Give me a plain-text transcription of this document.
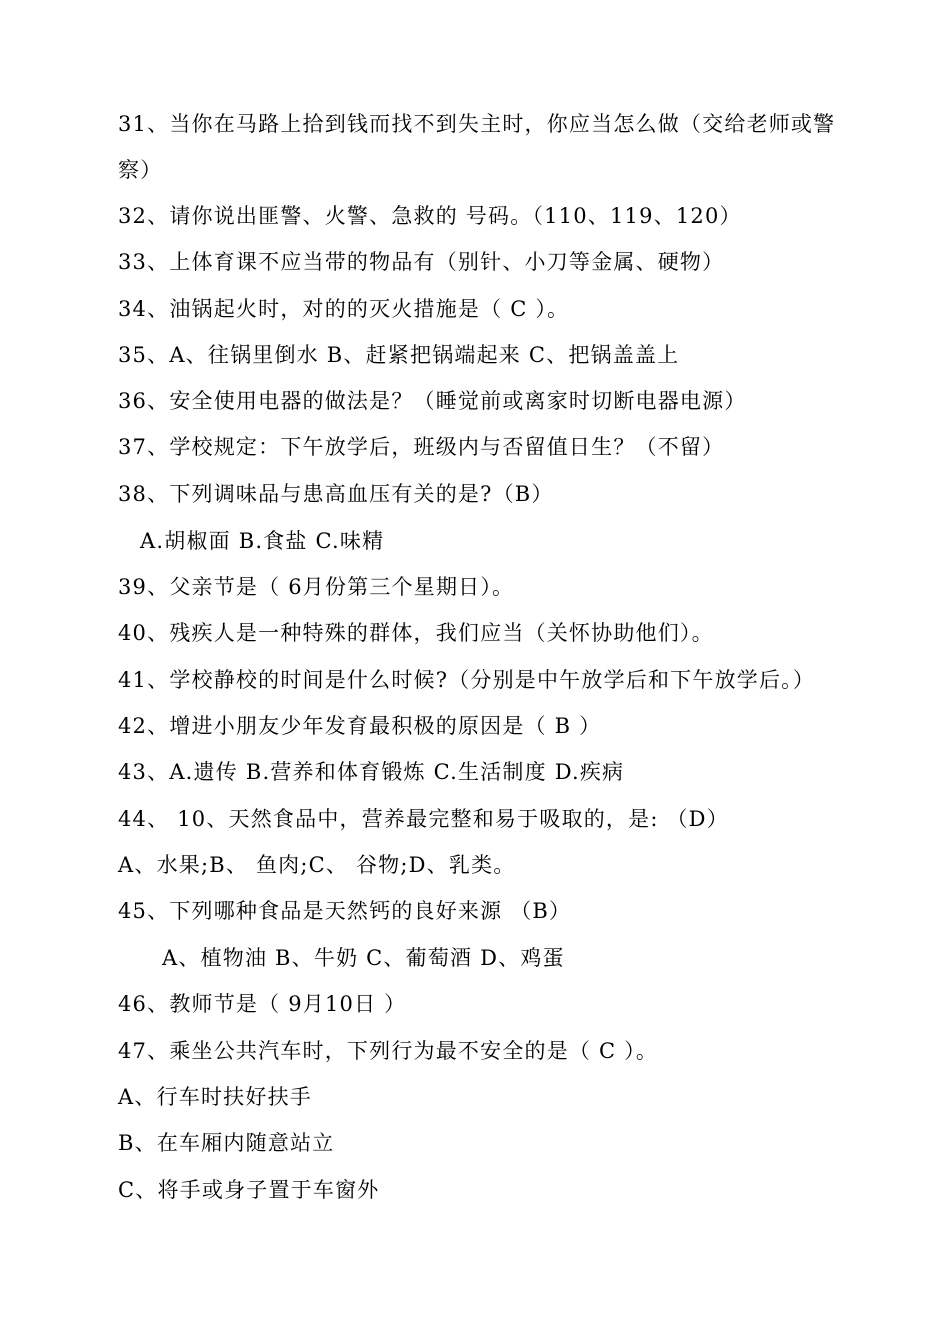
31、当你在马路上拾到钱而找不到失主时，你应当怎么做（交给老师或警
察）
32、请你说出匪警、火警、急救的 号码。（110、119、120）
33、上体育课不应当带的物品有（别针、小刀等金属、硬物）
34、油锅起火时，对的的灭火措施是（ C ）。
35、A、往锅里倒水 B、赶紧把锅端起来 C、把锅盖盖上
36、安全使用电器的做法是？（睡觉前或离家时切断电器电源）
37、学校规定：下午放学后，班级内与否留值日生？（不留）
38、下列调味品与患高血压有关的是?（B）
A.胡椒面 B.食盐 C.味精
39、父亲节是（ 6月份第三个星期日）。
40、残疾人是一种特殊的群体，我们应当（关怀协助他们）。
41、学校静校的时间是什么时候?（分别是中午放学后和下午放学后。）
42、增进小朋友少年发育最积极的原因是（ B ）
43、A.遗传 B.营养和体育锻炼 C.生活制度 D.疾病
44、 10、天然食品中，营养最完整和易于吸取的，是: （D）
A、水果;B、 鱼肉;C、 谷物;D、乳类。
45、下列哪种食品是天然钙的良好来源 （B）
A、植物油 B、牛奶 C、葡萄酒 D、鸡蛋
46、教师节是（ 9月10日 ）
47、乘坐公共汽车时，下列行为最不安全的是（ C ）。
A、行车时扶好扶手
B、在车厢内随意站立
C、将手或身子置于车窗外
